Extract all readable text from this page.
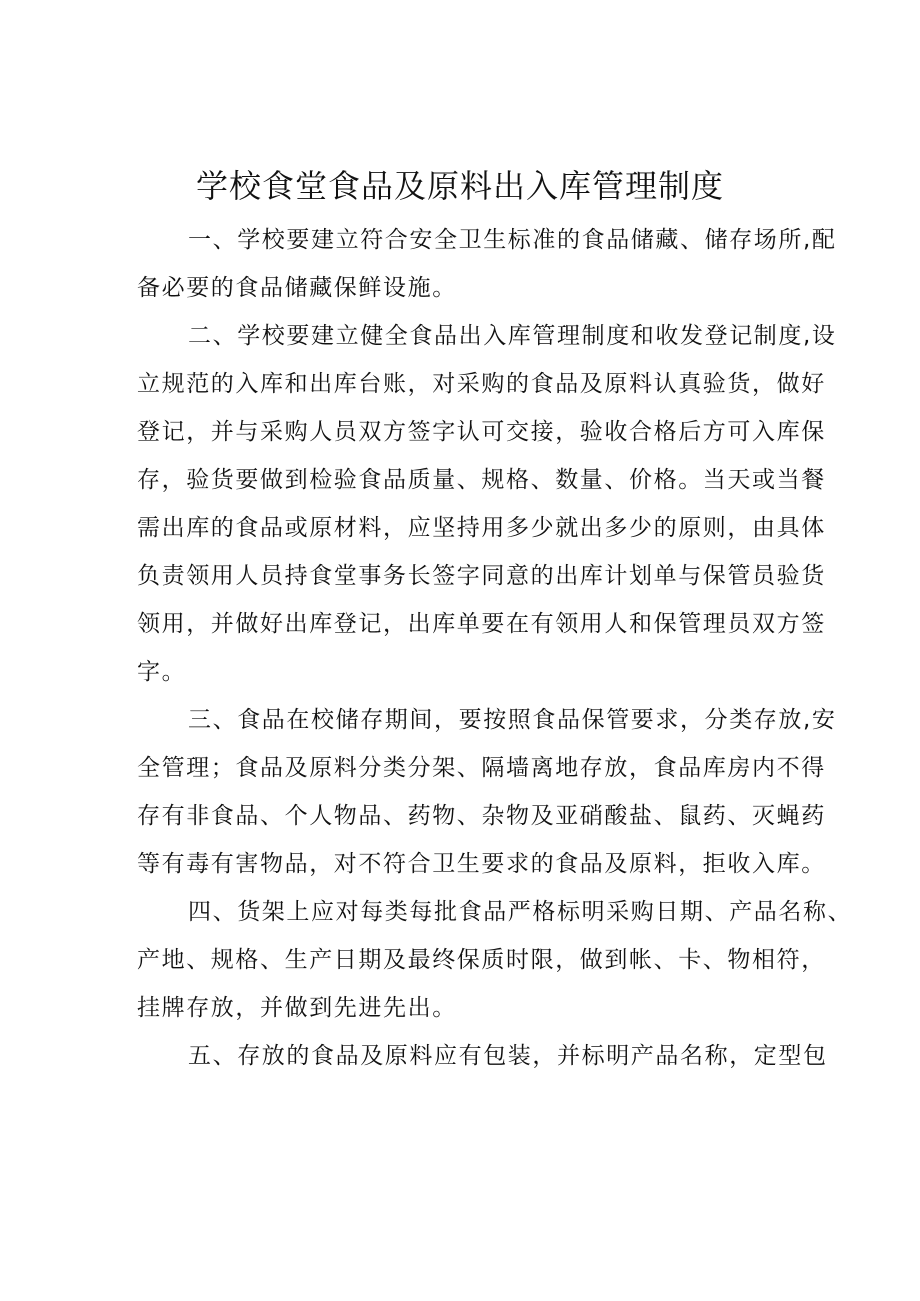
学校食堂食品及原料出入库管理制度
一、学校要建立符合安全卫生标准的食品储藏、储存场所,配
备必要的食品储藏保鲜设施。
二、学校要建立健全食品出入库管理制度和收发登记制度,设
立规范的入库和出库台账，对采购的食品及原料认真验货，做好
登记，并与采购人员双方签字认可交接，验收合格后方可入库保
存，验货要做到检验食品质量、规格、数量、价格。当天或当餐
需出库的食品或原材料，应坚持用多少就出多少的原则，由具体
负责领用人员持食堂事务长签字同意的出库计划单与保管员验货
领用，并做好出库登记，出库单要在有领用人和保管理员双方签
字。
三、食品在校储存期间，要按照食品保管要求，分类存放,安
全管理；食品及原料分类分架、隔墙离地存放，食品库房内不得
存有非食品、个人物品、药物、杂物及亚硝酸盐、鼠药、灭蝇药
等有毒有害物品，对不符合卫生要求的食品及原料，拒收入库。
四、货架上应对每类每批食品严格标明采购日期、产品名称、
产地、规格、生产日期及最终保质时限，做到帐、卡、物相符，
挂牌存放，并做到先进先出。
五、存放的食品及原料应有包装，并标明产品名称，定型包
